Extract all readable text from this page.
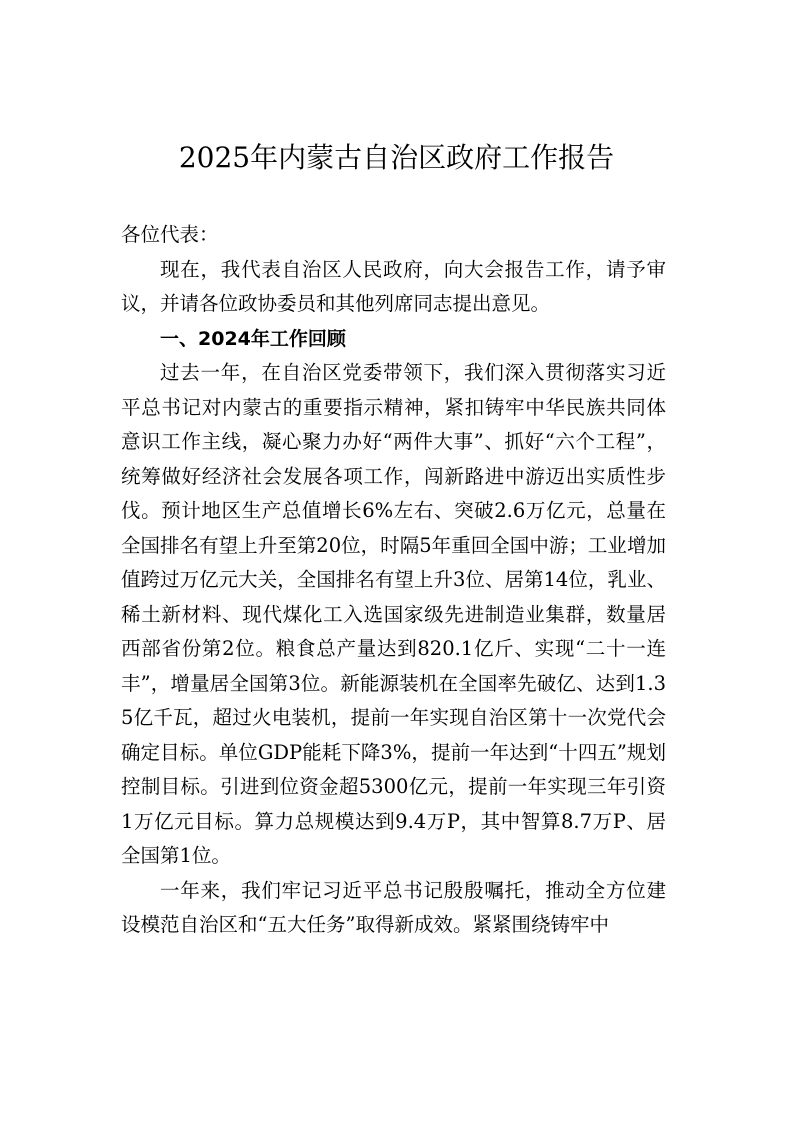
2025年内蒙古自治区政府工作报告

各位代表：

现在，我代表自治区人民政府，向大会报告工作，请予审议，并请各位政协委员和其他列席同志提出意见。

一、2024年工作回顾

过去一年，在自治区党委带领下，我们深入贯彻落实习近平总书记对内蒙古的重要指示精神，紧扣铸牢中华民族共同体意识工作主线，凝心聚力办好“两件大事”、抓好“六个工程”，统筹做好经济社会发展各项工作，闯新路进中游迈出实质性步伐。预计地区生产总值增长6%左右、突破2.6万亿元，总量在全国排名有望上升至第20位，时隔5年重回全国中游；工业增加值跨过万亿元大关，全国排名有望上升3位、居第14位，乳业、稀土新材料、现代煤化工入选国家级先进制造业集群，数量居西部省份第2位。粮食总产量达到820.1亿斤、实现“二十一连丰”，增量居全国第3位。新能源装机在全国率先破亿、达到1.35亿千瓦，超过火电装机，提前一年实现自治区第十一次党代会确定目标。单位GDP能耗下降3%，提前一年达到“十四五”规划控制目标。引进到位资金超5300亿元，提前一年实现三年引资1万亿元目标。算力总规模达到9.4万P，其中智算8.7万P、居全国第1位。

一年来，我们牢记习近平总书记殷殷嘱托，推动全方位建设模范自治区和“五大任务”取得新成效。紧紧围绕铸牢中
